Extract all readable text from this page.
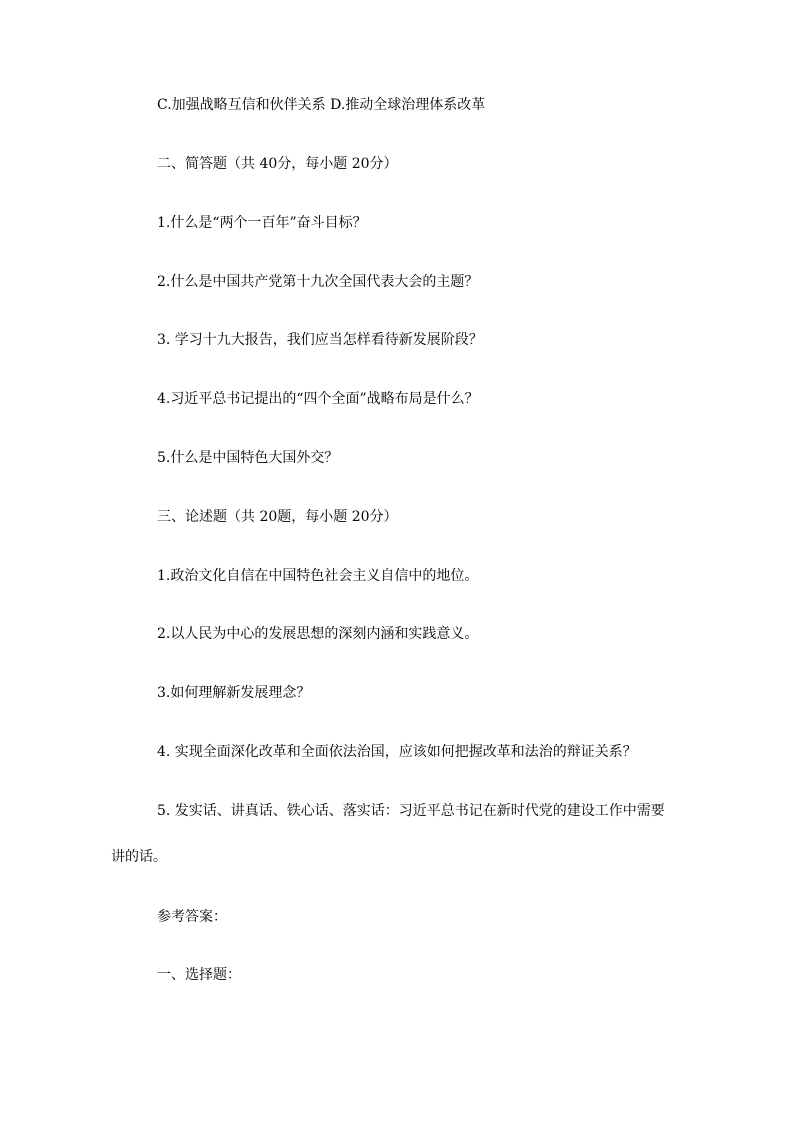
C.加强战略互信和伙伴关系 D.推动全球治理体系改革
二、简答题（共 40分，每小题 20分）
1.什么是“两个一百年”奋斗目标？
2.什么是中国共产党第十九次全国代表大会的主题？
3. 学习十九大报告，我们应当怎样看待新发展阶段？
4.习近平总书记提出的“四个全面”战略布局是什么？
5.什么是中国特色大国外交？
三、论述题（共 20题，每小题 20分）
1.政治文化自信在中国特色社会主义自信中的地位。
2.以人民为中心的发展思想的深刻内涵和实践意义。
3.如何理解新发展理念？
4. 实现全面深化改革和全面依法治国，应该如何把握改革和法治的辩证关系？
5. 发实话、讲真话、铁心话、落实话：习近平总书记在新时代党的建设工作中需要
讲的话。
参考答案：
一、选择题：
